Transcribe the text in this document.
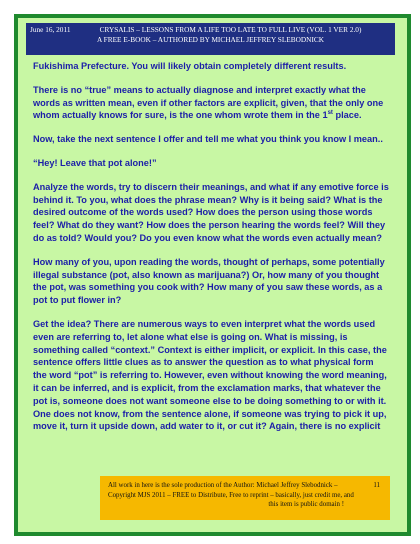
June 16, 2011	CRYSALIS – LESSONS FROM A LIFE TOO LATE TO FULL LIVE (VOL. 1 VER 2.0)
A FREE E-BOOK – AUTHORED BY MICHAEL JEFFREY SLEBODNICK

Fukishima Prefecture. You will likely obtain completely different results.

There is no “true” means to actually diagnose and interpret exactly what the words as written mean, even if other factors are explicit, given, that the only one whom actually knows for sure, is the one whom wrote them in the 1st place.

Now, take the next sentence I offer and tell me what you think you know I mean..

“Hey! Leave that pot alone!”

Analyze the words, try to discern their meanings, and what if any emotive force is behind it. To you, what does the phrase mean? Why is it being said? What is the desired outcome of the words used? How does the person using those words feel? What do they want? How does the person hearing the words feel? Will they do as told? Would you? Do you even know what the words even actually mean?

How many of you, upon reading the words, thought of perhaps, some potentially illegal substance (pot, also known as marijuana?) Or, how many of you thought the pot, was something you cook with? How many of you saw these words, as a pot to put flower in?

Get the idea? There are numerous ways to even interpret what the words used even are referring to, let alone what else is going on. What is missing, is something called “context.” Context is either implicit, or explicit. In this case, the sentence offers little clues as to answer the question as to what physical form the word “pot” is referring to. However, even without knowing the word meaning, it can be inferred, and is explicit, from the exclamation marks, that whatever the pot is, someone does not want someone else to be doing something to or with it. One does not know, from the sentence alone, if someone was trying to pick it up, move it, turn it upside down, add water to it, or cut it? Again, there is no explicit

All work in here is the sole production of the Author: Michael Jeffrey Slebodnick –	11
Copyright MJS 2011 – FREE to Distribute, Free to reprint – basically, just credit me, and
this item is public domain !
